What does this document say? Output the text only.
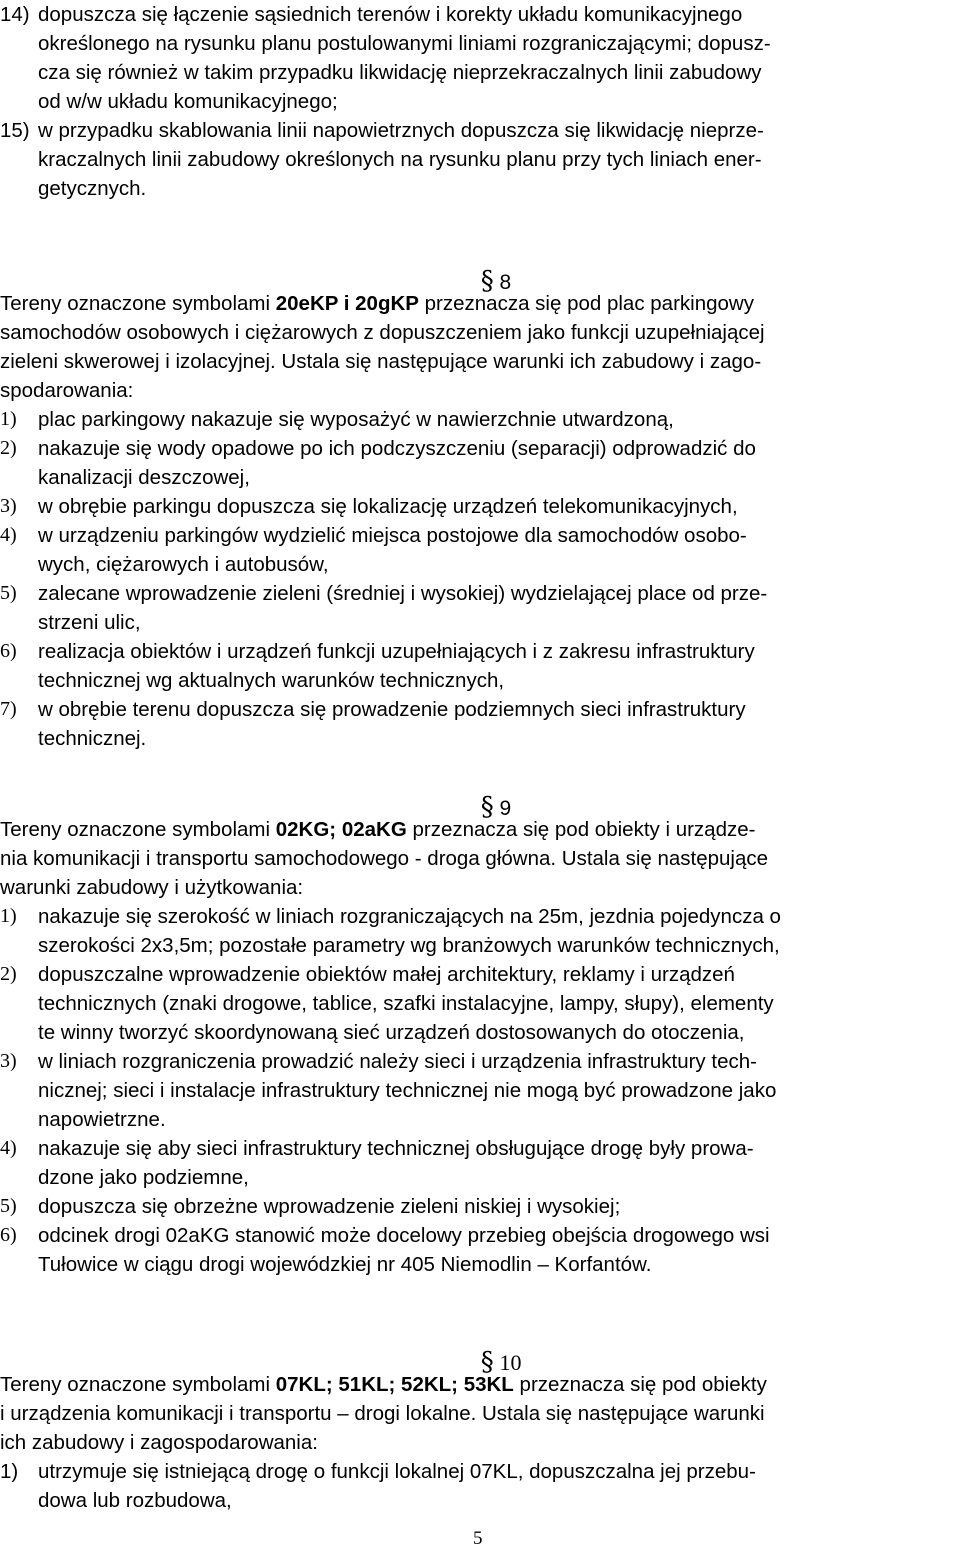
14) dopuszcza się łączenie sąsiednich terenów i korekty układu komunikacyjnego
określonego na rysunku planu postulowanymi liniami rozgraniczającymi; dopusz-
cza się również w takim przypadku likwidację nieprzekraczalnych linii zabudowy
od w/w układu komunikacyjnego;
15) w przypadku skablowania linii napowietrznych dopuszcza się likwidację nieprze-
kraczalnych linii zabudowy określonych na rysunku planu przy tych liniach ener-
getycznych.

§ 8

Tereny oznaczone symbolami 20eKP i 20gKP przeznacza się pod plac parkingowy
samochodów osobowych i ciężarowych z dopuszczeniem jako funkcji uzupełniającej
zieleni skwerowej i izolacyjnej. Ustala się następujące warunki ich zabudowy i zago-
spodarowania:
1) plac parkingowy nakazuje się wyposażyć w nawierzchnie utwardzoną,
2) nakazuje się wody opadowe po ich podczyszczeniu (separacji) odprowadzić do
kanalizacji deszczowej,
3) w obrębie parkingu dopuszcza się lokalizację urządzeń telekomunikacyjnych,
4) w urządzeniu parkingów wydzielić miejsca postojowe dla samochodów osobo-
wych, ciężarowych i autobusów,
5) zalecane wprowadzenie zieleni (średniej i wysokiej) wydzielającej place od prze-
strzeni ulic,
6) realizacja obiektów i urządzeń funkcji uzupełniających i z zakresu infrastruktury
technicznej wg aktualnych warunków technicznych,
7) w obrębie terenu dopuszcza się prowadzenie podziemnych sieci infrastruktury
technicznej.

§ 9

Tereny oznaczone symbolami 02KG; 02aKG przeznacza się pod obiekty i urządze-
nia komunikacji i transportu samochodowego - droga główna. Ustala się następujące
warunki zabudowy i użytkowania:
1) nakazuje się szerokość w liniach rozgraniczających na 25m, jezdnia pojedyncza o
szerokości 2x3,5m; pozostałe parametry wg branżowych warunków technicznych,
2) dopuszczalne wprowadzenie obiektów małej architektury, reklamy i urządzeń
technicznych (znaki drogowe, tablice, szafki instalacyjne, lampy, słupy), elementy
te winny tworzyć skoordynowaną sieć urządzeń dostosowanych do otoczenia,
3) w liniach rozgraniczenia prowadzić należy sieci i urządzenia infrastruktury tech-
nicznej; sieci i instalacje infrastruktury technicznej nie mogą być prowadzone jako
napowietrzne.
4) nakazuje się aby sieci infrastruktury technicznej obsługujące drogę były prowa-
dzone jako podziemne,
5) dopuszcza się obrzeżne wprowadzenie zieleni niskiej i wysokiej;
6) odcinek drogi 02aKG stanowić może docelowy przebieg obejścia drogowego wsi
Tułowice w ciągu drogi wojewódzkiej nr 405 Niemodlin – Korfantów.

§ 10

Tereny oznaczone symbolami 07KL; 51KL; 52KL; 53KL przeznacza się pod obiekty
i urządzenia komunikacji i transportu – drogi lokalne. Ustala się następujące warunki
ich zabudowy i zagospodarowania:
1) utrzymuje się istniejącą drogę o funkcji lokalnej 07KL, dopuszczalna jej przebu-
dowa lub rozbudowa,
5
